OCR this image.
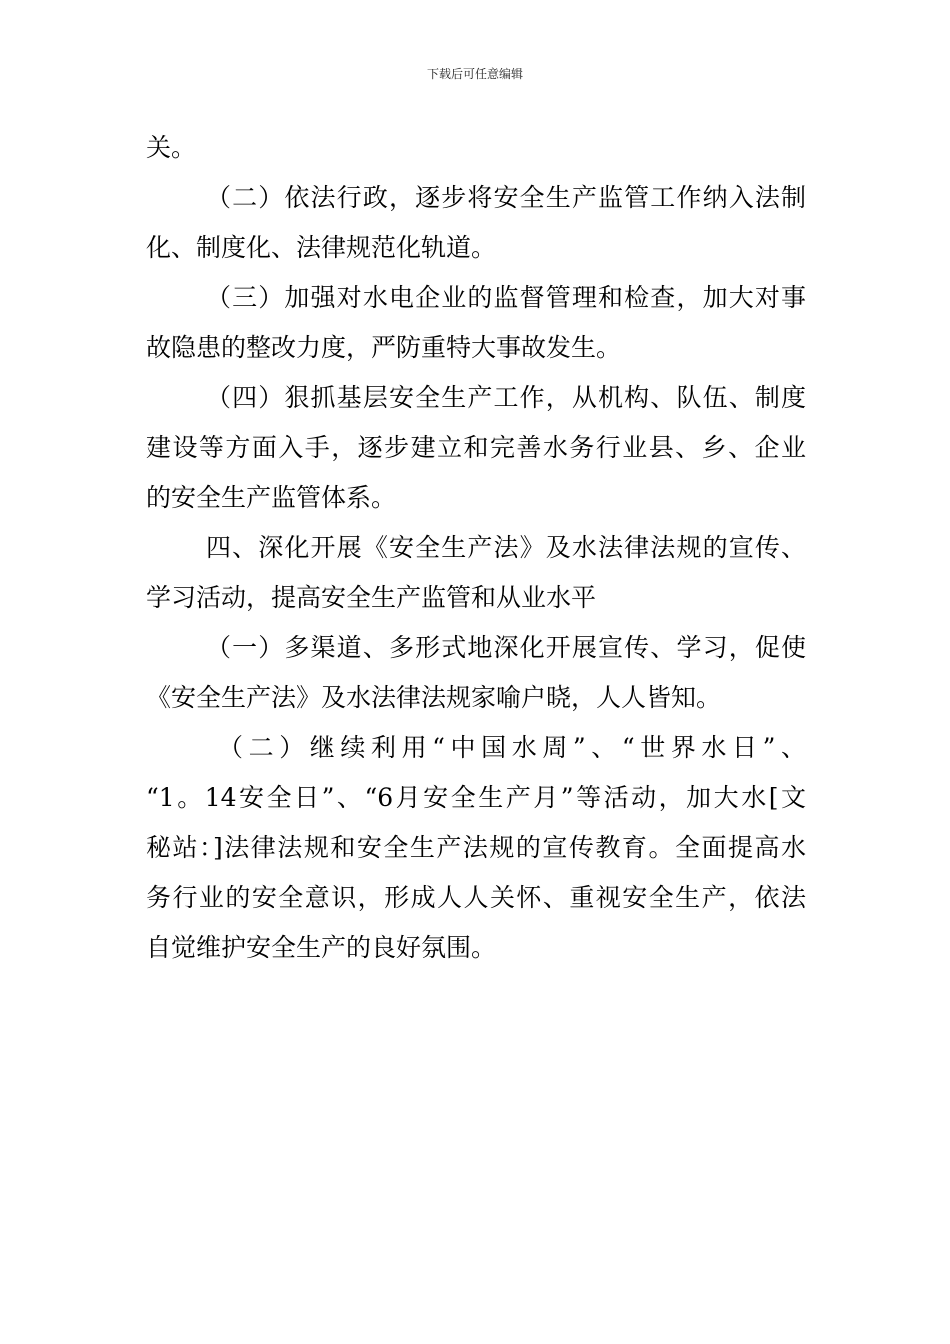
下载后可任意编辑
关。
（二）依法行政，逐步将安全生产监管工作纳入法制
化、制度化、法律规范化轨道。
（三）加强对水电企业的监督管理和检查，加大对事
故隐患的整改力度，严防重特大事故发生。
（四）狠抓基层安全生产工作，从机构、队伍、制度
建设等方面入手，逐步建立和完善水务行业县、乡、企业
的安全生产监管体系。
四、深化开展《安全生产法》及水法律法规的宣传、
学习活动，提高安全生产监管和从业水平
（一）多渠道、多形式地深化开展宣传、学习，促使
《安全生产法》及水法律法规家喻户晓，人人皆知。
（二）继续利用“中国水周”、“世界水日”、
“1。14安全日”、“6月安全生产月”等活动，加大水[文
秘站：]法律法规和安全生产法规的宣传教育。全面提高水
务行业的安全意识，形成人人关怀、重视安全生产，依法
自觉维护安全生产的良好氛围。
